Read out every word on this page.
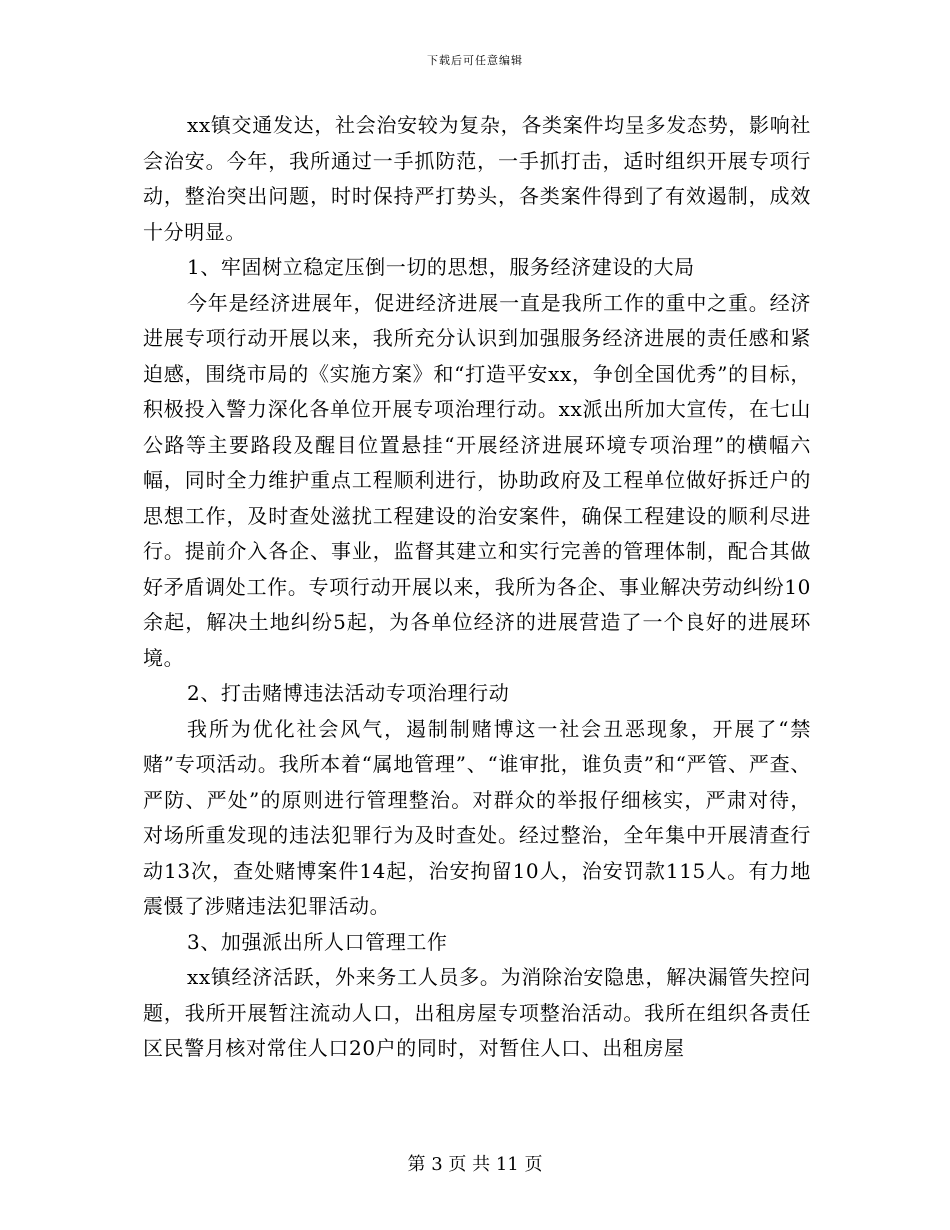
下载后可任意编辑

xx镇交通发达，社会治安较为复杂，各类案件均呈多发态势，影响社会治安。今年，我所通过一手抓防范，一手抓打击，适时组织开展专项行动，整治突出问题，时时保持严打势头，各类案件得到了有效遏制，成效十分明显。

1、牢固树立稳定压倒一切的思想，服务经济建设的大局

今年是经济进展年，促进经济进展一直是我所工作的重中之重。经济进展专项行动开展以来，我所充分认识到加强服务经济进展的责任感和紧迫感，围绕市局的《实施方案》和“打造平安xx，争创全国优秀”的目标，积极投入警力深化各单位开展专项治理行动。xx派出所加大宣传，在七山公路等主要路段及醒目位置悬挂“开展经济进展环境专项治理”的横幅六幅，同时全力维护重点工程顺利进行，协助政府及工程单位做好拆迁户的思想工作，及时查处滋扰工程建设的治安案件，确保工程建设的顺利尽进行。提前介入各企、事业，监督其建立和实行完善的管理体制，配合其做好矛盾调处工作。专项行动开展以来，我所为各企、事业解决劳动纠纷10余起，解决土地纠纷5起，为各单位经济的进展营造了一个良好的进展环境。

2、打击赌博违法活动专项治理行动

我所为优化社会风气，遏制制赌博这一社会丑恶现象，开展了“禁赌”专项活动。我所本着“属地管理”、“谁审批，谁负责”和“严管、严查、严防、严处”的原则进行管理整治。对群众的举报仔细核实，严肃对待，对场所重发现的违法犯罪行为及时查处。经过整治，全年集中开展清查行动13次，查处赌博案件14起，治安拘留10人，治安罚款115人。有力地震慑了涉赌违法犯罪活动。

3、加强派出所人口管理工作

xx镇经济活跃，外来务工人员多。为消除治安隐患，解决漏管失控问题，我所开展暂注流动人口，出租房屋专项整治活动。我所在组织各责任区民警月核对常住人口20户的同时，对暂住人口、出租房屋

第 3 页 共 11 页
